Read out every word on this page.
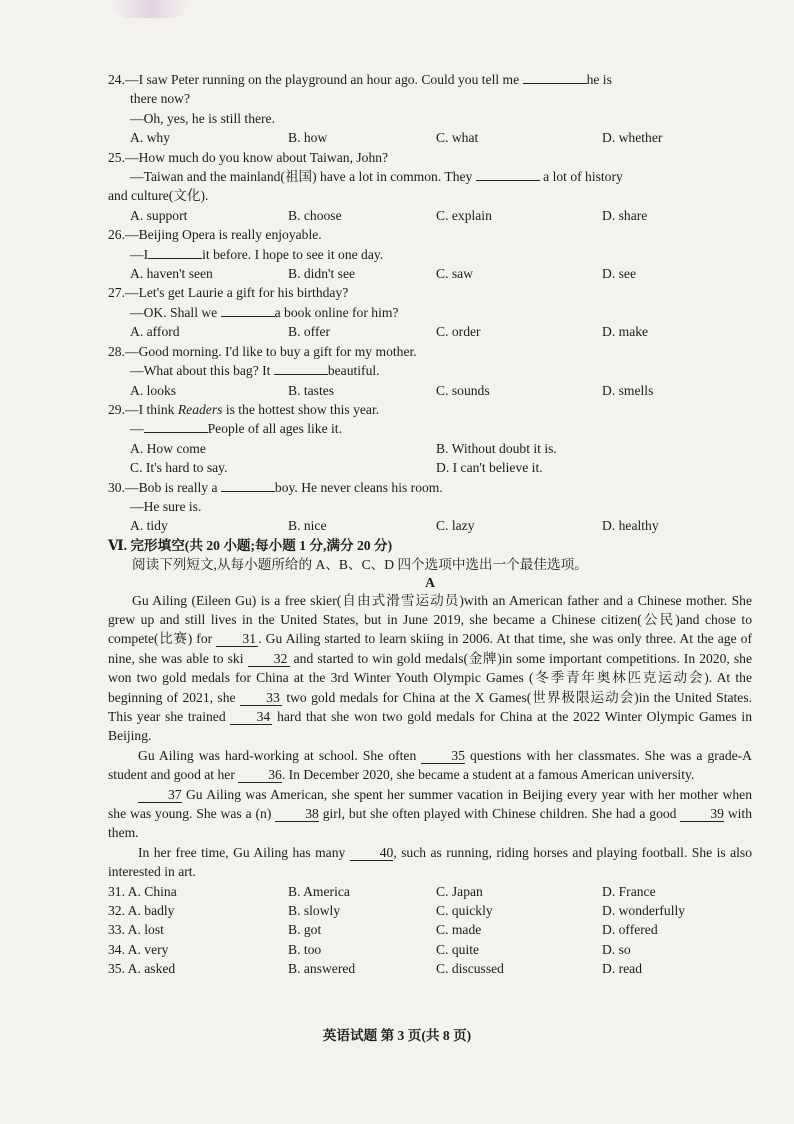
24.—I saw Peter running on the playground an hour ago. Could you tell me	he is
there now?
—Oh, yes, he is still there.
A. why	B. how	C. what	D. whether
25.—How much do you know about Taiwan, John?
—Taiwan and the mainland(祖国) have a lot in common. They	a lot of history
and culture(文化).
A. support	B. choose	C. explain	D. share
26.—Beijing Opera is really enjoyable.
—I	it before. I hope to see it one day.
A. haven't seen	B. didn't see	C. saw	D. see
27.—Let's get Laurie a gift for his birthday?
—OK. Shall we	a book online for him?
A. afford	B. offer	C. order	D. make
28.—Good morning. I'd like to buy a gift for my mother.
—What about this bag? It	beautiful.
A. looks	B. tastes	C. sounds	D. smells
29.—I think Readers is the hottest show this year.
—	People of all ages like it.
A. How come	B. Without doubt it is.
C. It's hard to say.	D. I can't believe it.
30.—Bob is really a	boy. He never cleans his room.
—He sure is.
A. tidy	B. nice	C. lazy	D. healthy
Ⅵ. 完形填空(共 20 小题;每小题 1 分,满分 20 分)
阅读下列短文,从每小题所给的 A、B、C、D 四个选项中选出一个最佳选项。
A

Gu Ailing (Eileen Gu) is a free skier(自由式滑雪运动员)with an American father and a Chinese mother. She grew up and still lives in the United States, but in June 2019, she became a Chinese citizen(公民)and chose to compete(比赛) for 31 . Gu Ailing started to learn skiing in 2006. At that time, she was only three. At the age of nine, she was able to ski 32 and started to win gold medals(金牌)in some important competitions. In 2020, she won two gold medals for China at the 3rd Winter Youth Olympic Games (冬季青年奥林匹克运动会). At the beginning of 2021, she 33 two gold medals for China at the X Games(世界极限运动会)in the United States. This year she trained 34 hard that she won two gold medals for China at the 2022 Winter Olympic Games in Beijing.

Gu Ailing was hard-working at school. She often 35 questions with her classmates. She was a grade-A student and good at her 36. In December 2020, she became a student at a famous American university.

37 Gu Ailing was American, she spent her summer vacation in Beijing every year with her mother when she was young. She was a (n) 38 girl, but she often played with Chinese children. She had a good 39 with them.

In her free time, Gu Ailing has many 40, such as running, riding horses and playing football. She is also interested in art.

31. A. China	B. America	C. Japan	D. France
32. A. badly	B. slowly	C. quickly	D. wonderfully
33. A. lost	B. got	C. made	D. offered
34. A. very	B. too	C. quite	D. so
35. A. asked	B. answered	C. discussed	D. read
英语试题 第 3 页(共 8 页)
